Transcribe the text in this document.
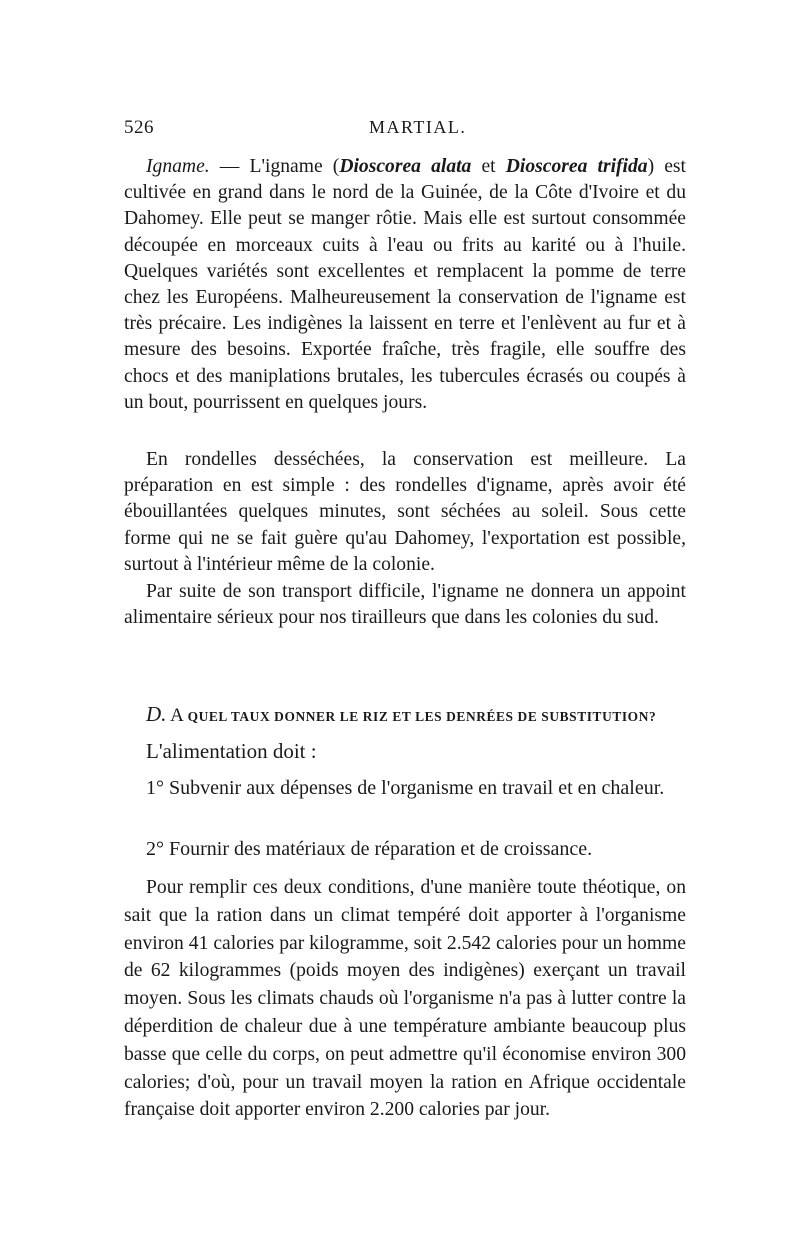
526	MARTIAL.

Igname. — L'igname (Dioscorea alata et Dioscorea trifida) est cultivée en grand dans le nord de la Guinée, de la Côte d'Ivoire et du Dahomey. Elle peut se manger rôtie. Mais elle est surtout consommée découpée en morceaux cuits à l'eau ou frits au karité ou à l'huile. Quelques variétés sont excellentes et remplacent la pomme de terre chez les Européens. Malheureusement la conservation de l'igname est très précaire. Les indigènes la laissent en terre et l'enlèvent au fur et à mesure des besoins. Exportée fraîche, très fragile, elle souffre des chocs et des maniplations brutales, les tubercules écrasés ou coupés à un bout, pourrissent en quelques jours.

En rondelles desséchées, la conservation est meilleure. La préparation en est simple : des rondelles d'igname, après avoir été ébouillantées quelques minutes, sont séchées au soleil. Sous cette forme qui ne se fait guère qu'au Dahomey, l'exportation est possible, surtout à l'intérieur même de la colonie.

Par suite de son transport difficile, l'igname ne donnera un appoint alimentaire sérieux pour nos tirailleurs que dans les colonies du sud.

D. A QUEL TAUX DONNER LE RIZ ET LES DENRÉES DE SUBSTITUTION?
L'alimentation doit :

1° Subvenir aux dépenses de l'organisme en travail et en chaleur.

2° Fournir des matériaux de réparation et de croissance.

Pour remplir ces deux conditions, d'une manière toute théotique, on sait que la ration dans un climat tempéré doit apporter à l'organisme environ 41 calories par kilogramme, soit 2.542 calories pour un homme de 62 kilogrammes (poids moyen des indigènes) exerçant un travail moyen. Sous les climats chauds où l'organisme n'a pas à lutter contre la déperdition de chaleur due à une température ambiante beaucoup plus basse que celle du corps, on peut admettre qu'il économise environ 300 calories; d'où, pour un travail moyen la ration en Afrique occidentale française doit apporter environ 2.200 calories par jour.
